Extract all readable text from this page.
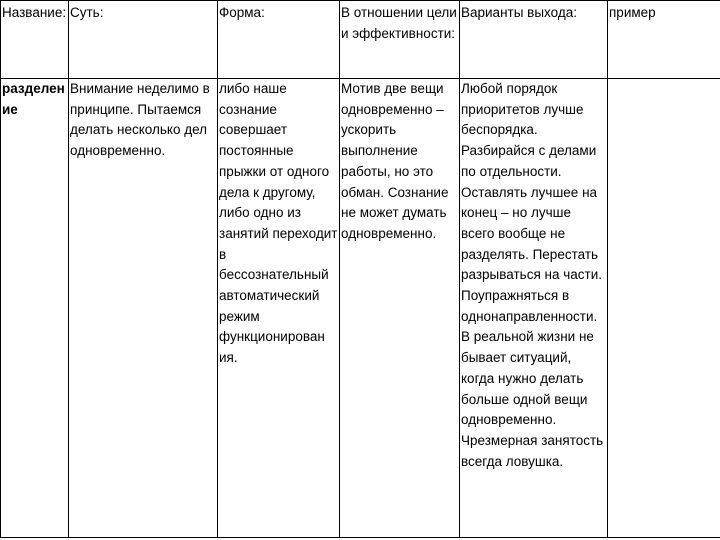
Название:	Суть:	Форма:	В отношении цели и эффективности:	Варианты выхода:	пример
разделен ие	Внимание неделимо в принципе. Пытаемся делать несколько дел одновременно.	либо наше сознание совершает постоянные прыжки от одного дела к другому, либо одно из занятий переходит в бессознательный автоматический режим функционирован ия.	Мотив две вещи одновременно – ускорить выполнение работы, но это обман. Сознание не может думать одновременно.	Любой порядок приоритетов лучше беспорядка. Разбирайся с делами по отдельности. Оставлять лучшее на конец – но лучше всего вообще не разделять. Перестать разрываться на части. Поупражняться в однонаправленности. В реальной жизни не бывает ситуаций, когда нужно делать больше одной вещи одновременно. Чрезмерная занятость всегда ловушка.	
